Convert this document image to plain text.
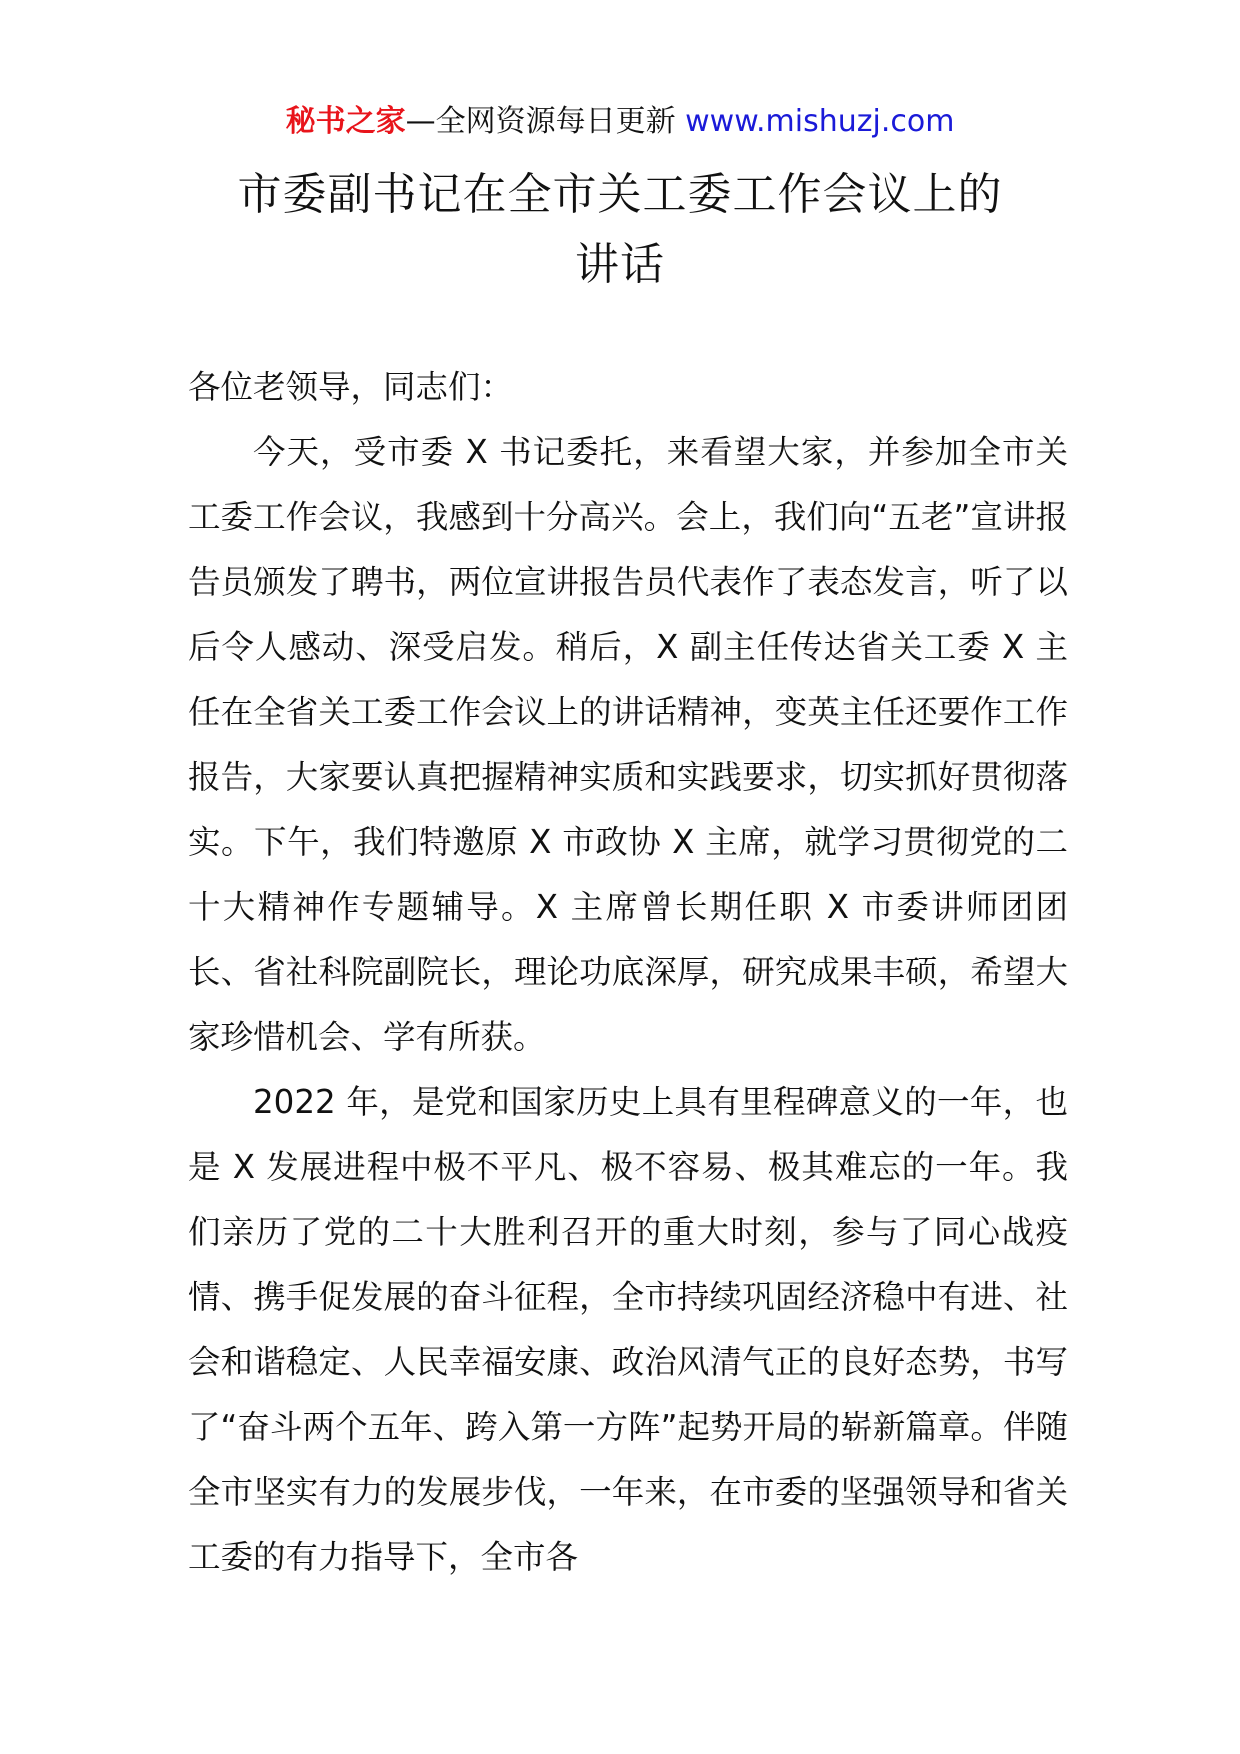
秘书之家—全网资源每日更新 www.mishuzj.com
市委副书记在全市关工委工作会议上的
讲话

各位老领导，同志们：

今天，受市委 X 书记委托，来看望大家，并参加全市关工委工作会议，我感到十分高兴。会上，我们向“五老”宣讲报告员颁发了聘书，两位宣讲报告员代表作了表态发言，听了以后令人感动、深受启发。稍后，X 副主任传达省关工委 X 主任在全省关工委工作会议上的讲话精神，变英主任还要作工作报告，大家要认真把握精神实质和实践要求，切实抓好贯彻落实。下午，我们特邀原 X 市政协 X 主席，就学习贯彻党的二十大精神作专题辅导。X 主席曾长期任职 X 市委讲师团团长、省社科院副院长，理论功底深厚，研究成果丰硕，希望大家珍惜机会、学有所获。

2022 年，是党和国家历史上具有里程碑意义的一年，也是 X 发展进程中极不平凡、极不容易、极其难忘的一年。我们亲历了党的二十大胜利召开的重大时刻，参与了同心战疫情、携手促发展的奋斗征程，全市持续巩固经济稳中有进、社会和谐稳定、人民幸福安康、政治风清气正的良好态势，书写了“奋斗两个五年、跨入第一方阵”起势开局的崭新篇章。伴随全市坚实有力的发展步伐，一年来，在市委的坚强领导和省关工委的有力指导下，全市各
